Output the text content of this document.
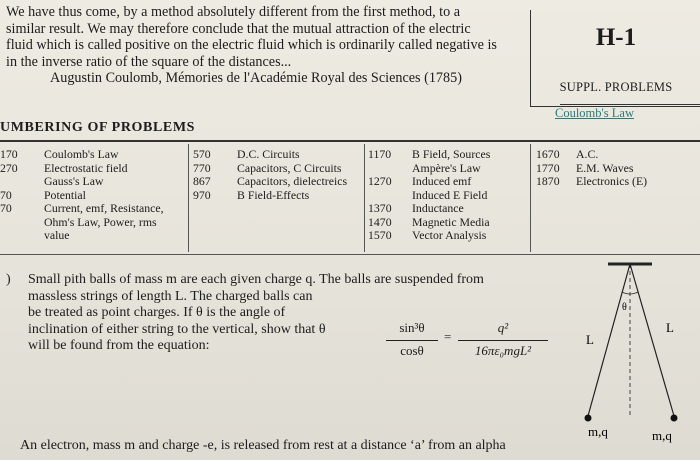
We have thus come, by a method absolutely different from the first method, to a
similar result. We may therefore conclude that the mutual attraction of the electric
fluid which is called positive on the electric fluid which is ordinarily called negative is
in the inverse ratio of the square of the distances...

Augustin Coulomb, Mémories de l'Académie Royal des Sciences (1785)
H-1
SUPPL. PROBLEMS
Coulomb's Law
UMBERING OF PROBLEMS
170	Coulomb's Law
270	Electrostatic field
Gauss's Law
70	Potential
70	Current, emf, Resistance,
Ohm's Law, Power, rms
value
570	D.C. Circuits
770	Capacitors, C Circuits
867	Capacitors, dielectreics
970	B Field-Effects
1170	B Field, Sources
Ampère's Law
1270	Induced emf
Induced E Field
1370	Inductance
1470	Magnetic Media
1570	Vector Analysis
1670	A.C.
1770	E.M. Waves
1870	Electronics (E)
) Small pith balls of mass m are each given charge q. The balls are suspended from
massless strings of length L. The charged balls can
be treated as point charges. If θ is the angle of
inclination of either string to the vertical, show that θ
will be found from the equation:
sin³θ
cosθ
=
q²
16πε₀mgL²
θ
L
L
m,q	m,q
An electron, mass m and charge -e, is released from rest at a distance ‘a’ from an alpha
